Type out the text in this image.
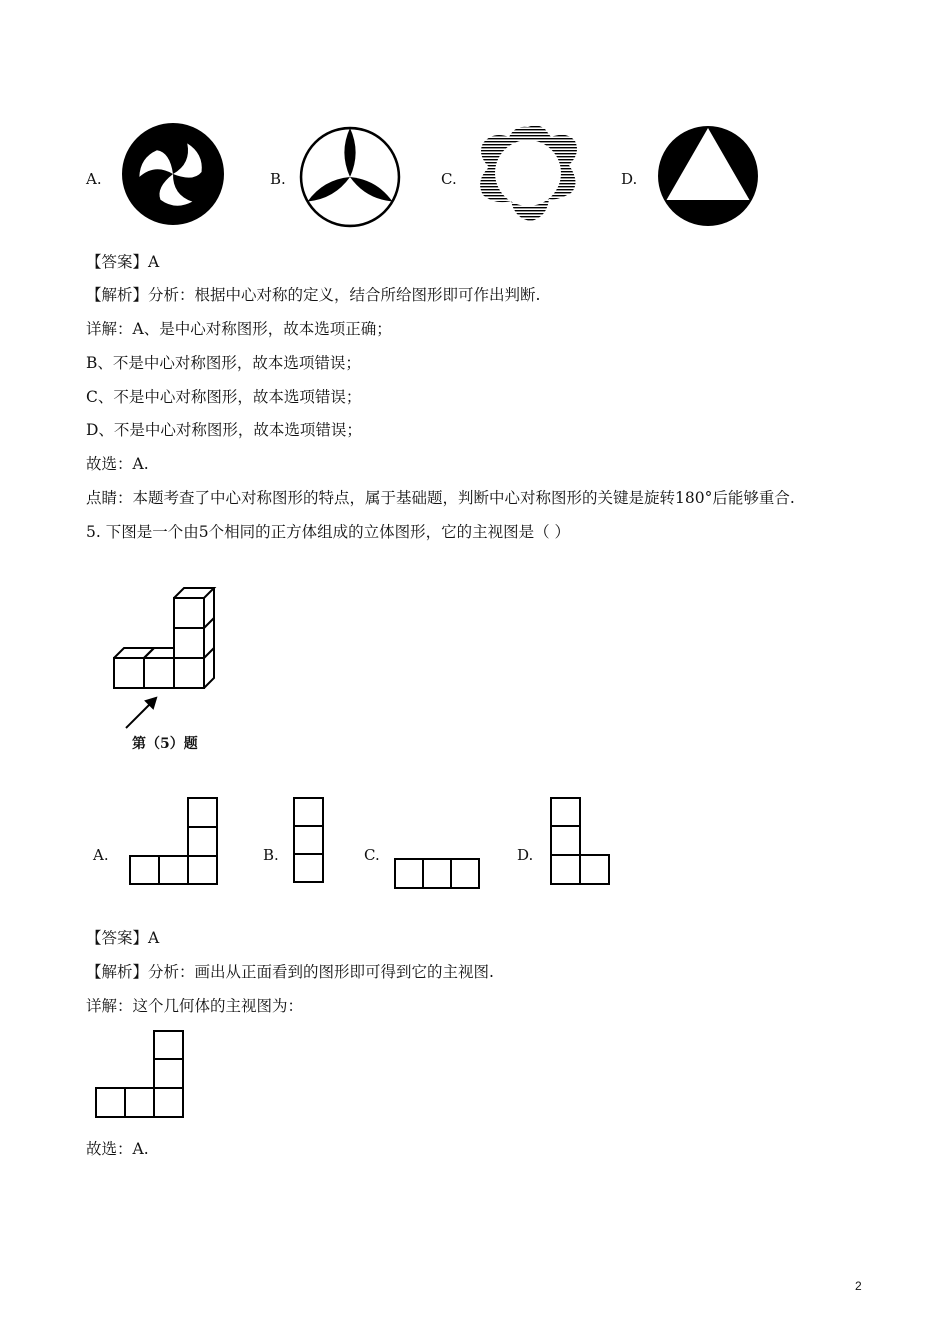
A.	B.	C.	D.
【答案】A
【解析】分析：根据中心对称的定义，结合所给图形即可作出判断.
详解：A、是中心对称图形，故本选项正确；
B、不是中心对称图形，故本选项错误；
C、不是中心对称图形，故本选项错误；
D、不是中心对称图形，故本选项错误；
故选：A.
点睛：本题考查了中心对称图形的特点，属于基础题，判断中心对称图形的关键是旋转180°后能够重合.
5. 下图是一个由5个相同的正方体组成的立体图形，它的主视图是（ ）
第（5）题
A.	B.	C.	D.
【答案】A
【解析】分析：画出从正面看到的图形即可得到它的主视图.
详解：这个几何体的主视图为：
故选：A.
2
